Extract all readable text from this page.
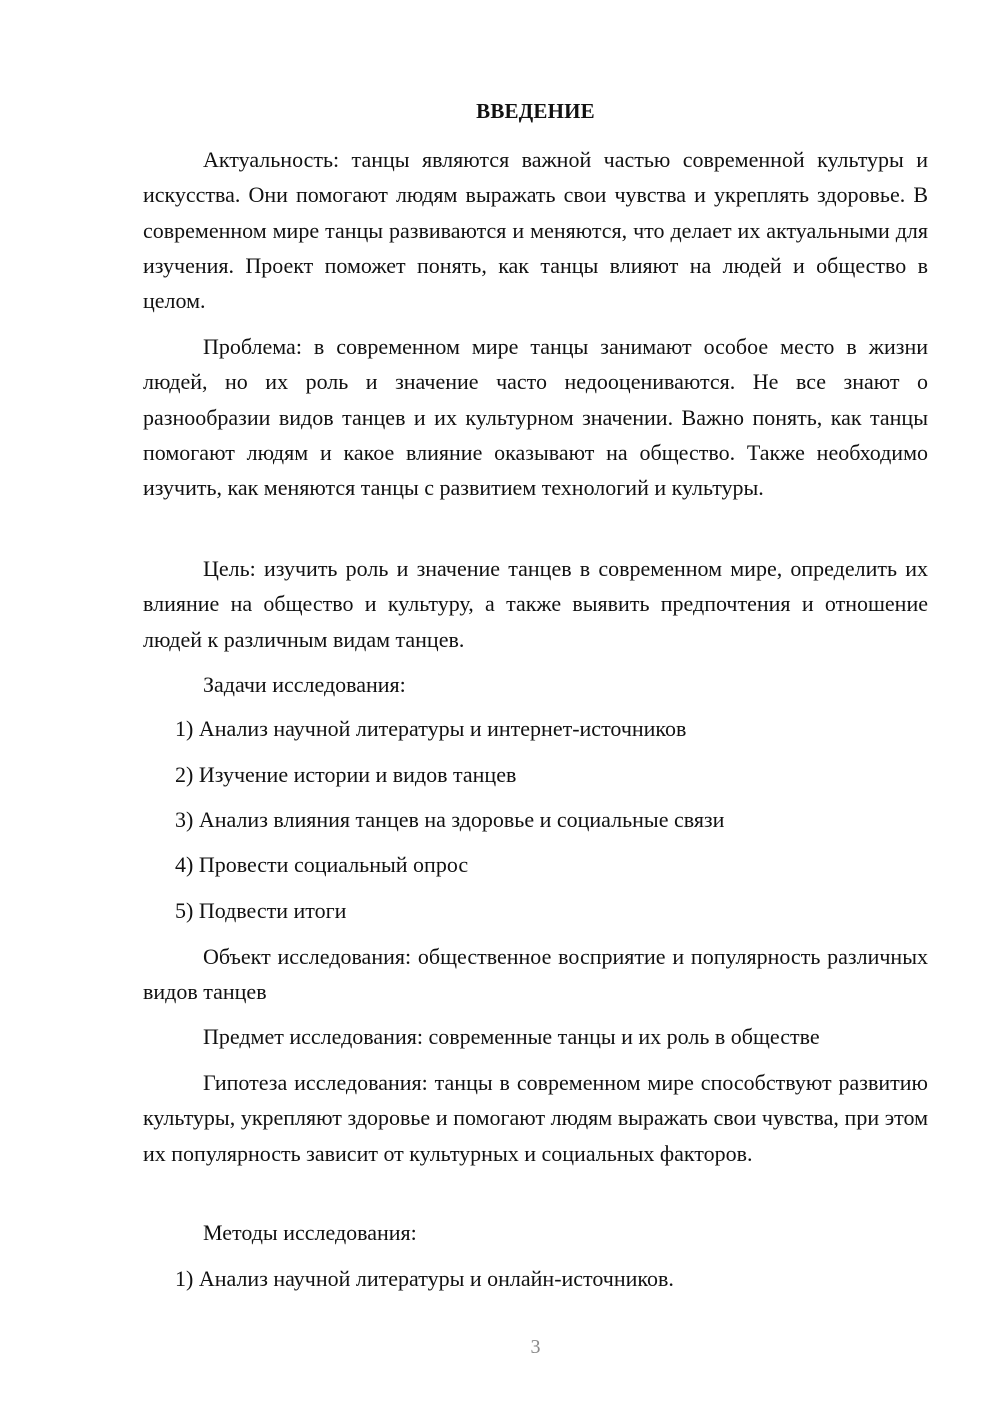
ВВЕДЕНИЕ

Актуальность: танцы являются важной частью современной культуры и искусства. Они помогают людям выражать свои чувства и укреплять здоровье. В современном мире танцы развиваются и меняются, что делает их актуальными для изучения. Проект поможет понять, как танцы влияют на людей и общество в целом.

Проблема: в современном мире танцы занимают особое место в жизни людей, но их роль и значение часто недооцениваются. Не все знают о разнообразии видов танцев и их культурном значении. Важно понять, как танцы помогают людям и какое влияние оказывают на общество. Также необходимо изучить, как меняются танцы с развитием технологий и культуры.

Цель: изучить роль и значение танцев в современном мире, определить их влияние на общество и культуру, а также выявить предпочтения и отношение людей к различным видам танцев.

Задачи исследования:

1) Анализ научной литературы и интернет-источников
2) Изучение истории и видов танцев
3) Анализ влияния танцев на здоровье и социальные связи
4) Провести социальный опрос
5) Подвести итоги

Объект исследования: общественное восприятие и популярность различных видов танцев

Предмет исследования: современные танцы и их роль в обществе

Гипотеза исследования: танцы в современном мире способствуют развитию культуры, укрепляют здоровье и помогают людям выражать свои чувства, при этом их популярность зависит от культурных и социальных факторов.

Методы исследования:

1) Анализ научной литературы и онлайн-источников.
3
